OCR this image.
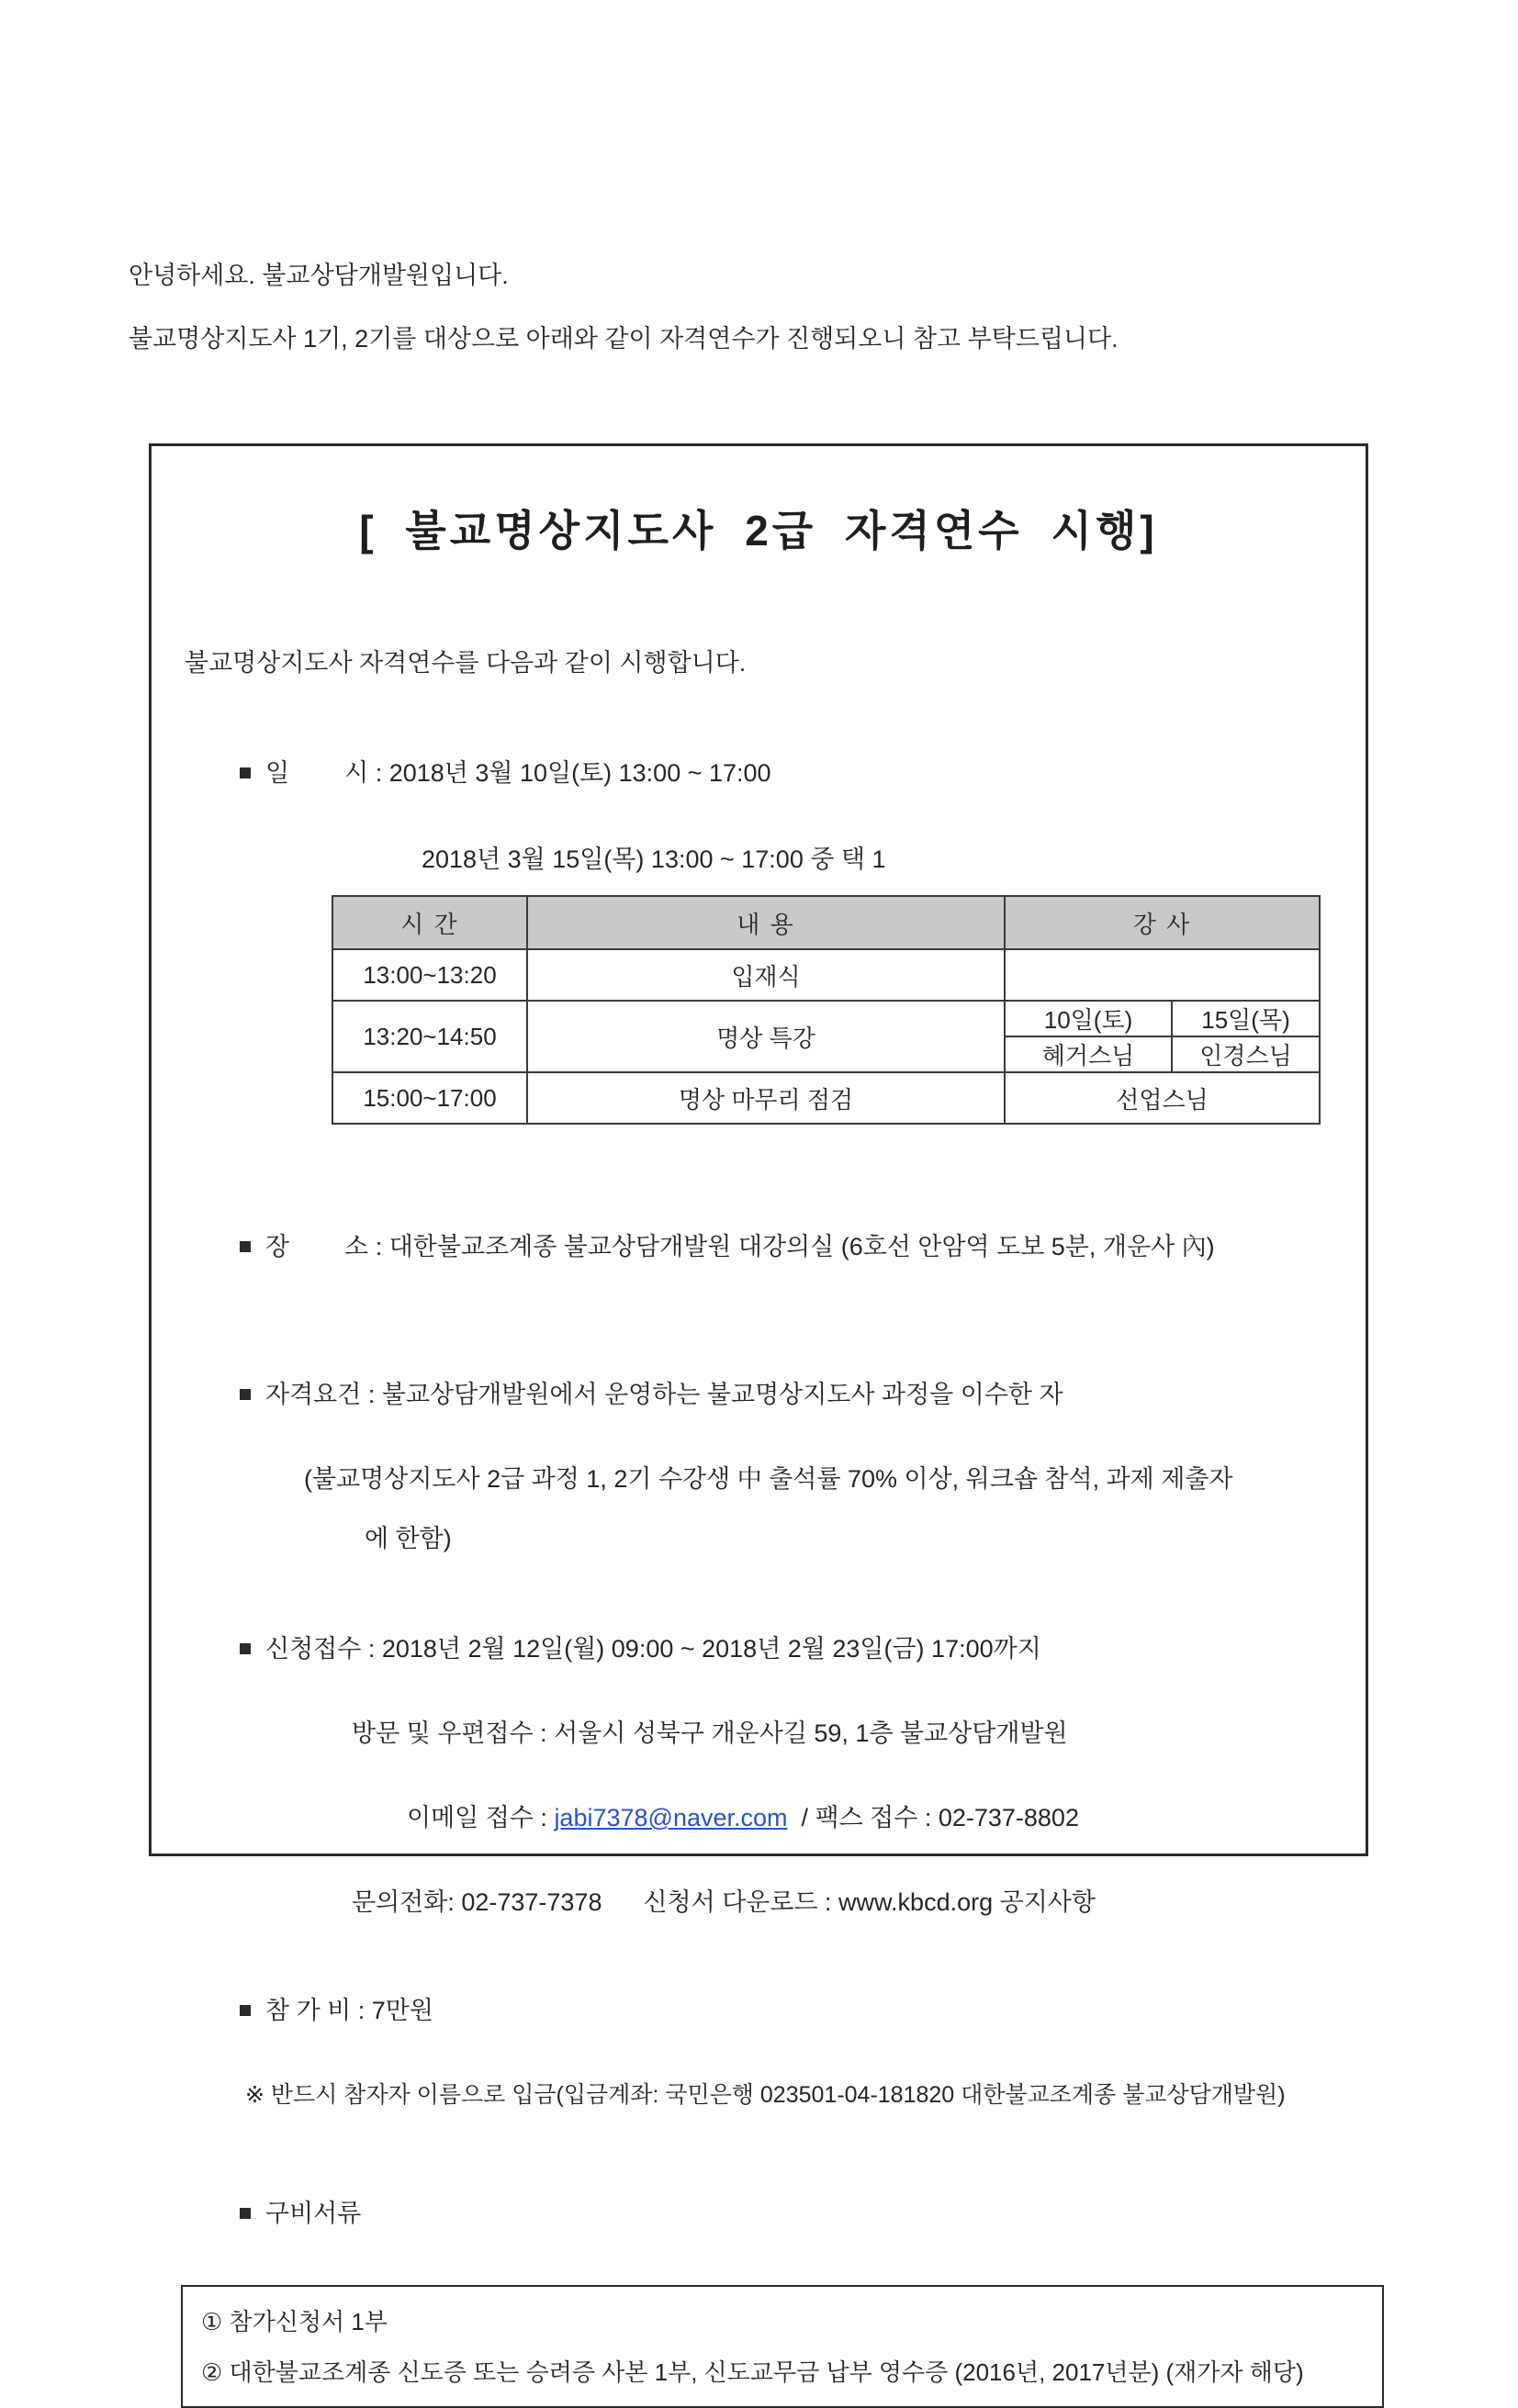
안녕하세요. 불교상담개발원입니다.

불교명상지도사 1기, 2기를 대상으로 아래와 같이 자격연수가 진행되오니 참고 부탁드립니다.

[ 불교명상지도사 2급 자격연수 시행]
불교명상지도사 자격연수를 다음과 같이 시행합니다.

일        시 : 2018년 3월 10일(토) 13:00 ~ 17:00

2018년 3월 15일(목) 13:00 ~ 17:00 중 택 1
시 간	내 용	강 사	
13:00~13:20	입재식		
13:20~14:50	명상 특강	10일(토)	15일(목)
		혜거스님	인경스님
15:00~17:00	명상 마무리 점검	선업스님	

장        소 : 대한불교조계종 불교상담개발원 대강의실 (6호선 안암역 도보 5분, 개운사 內)

자격요건 : 불교상담개발원에서 운영하는 불교명상지도사 과정을 이수한 자

(불교명상지도사 2급 과정 1, 2기 수강생 中 출석률 70% 이상, 워크숍 참석, 과제 제출자
에 한함)

신청접수 : 2018년 2월 12일(월) 09:00 ~ 2018년 2월 23일(금) 17:00까지

방문 및 우편접수 : 서울시 성북구 개운사길 59, 1층 불교상담개발원

이메일 접수 : jabi7378@naver.com  / 팩스 접수 : 02-737-8802

문의전화: 02-737-7378      신청서 다운로드 : www.kbcd.org 공지사항

참 가 비 : 7만원

※ 반드시 참자자 이름으로 입금(입금계좌: 국민은행 023501-04-181820 대한불교조계종 불교상담개발원)

구비서류

① 참가신청서 1부
② 대한불교조계종 신도증 또는 승려증 사본 1부, 신도교무금 납부 영수증 (2016년, 2017년분) (재가자 해당)
